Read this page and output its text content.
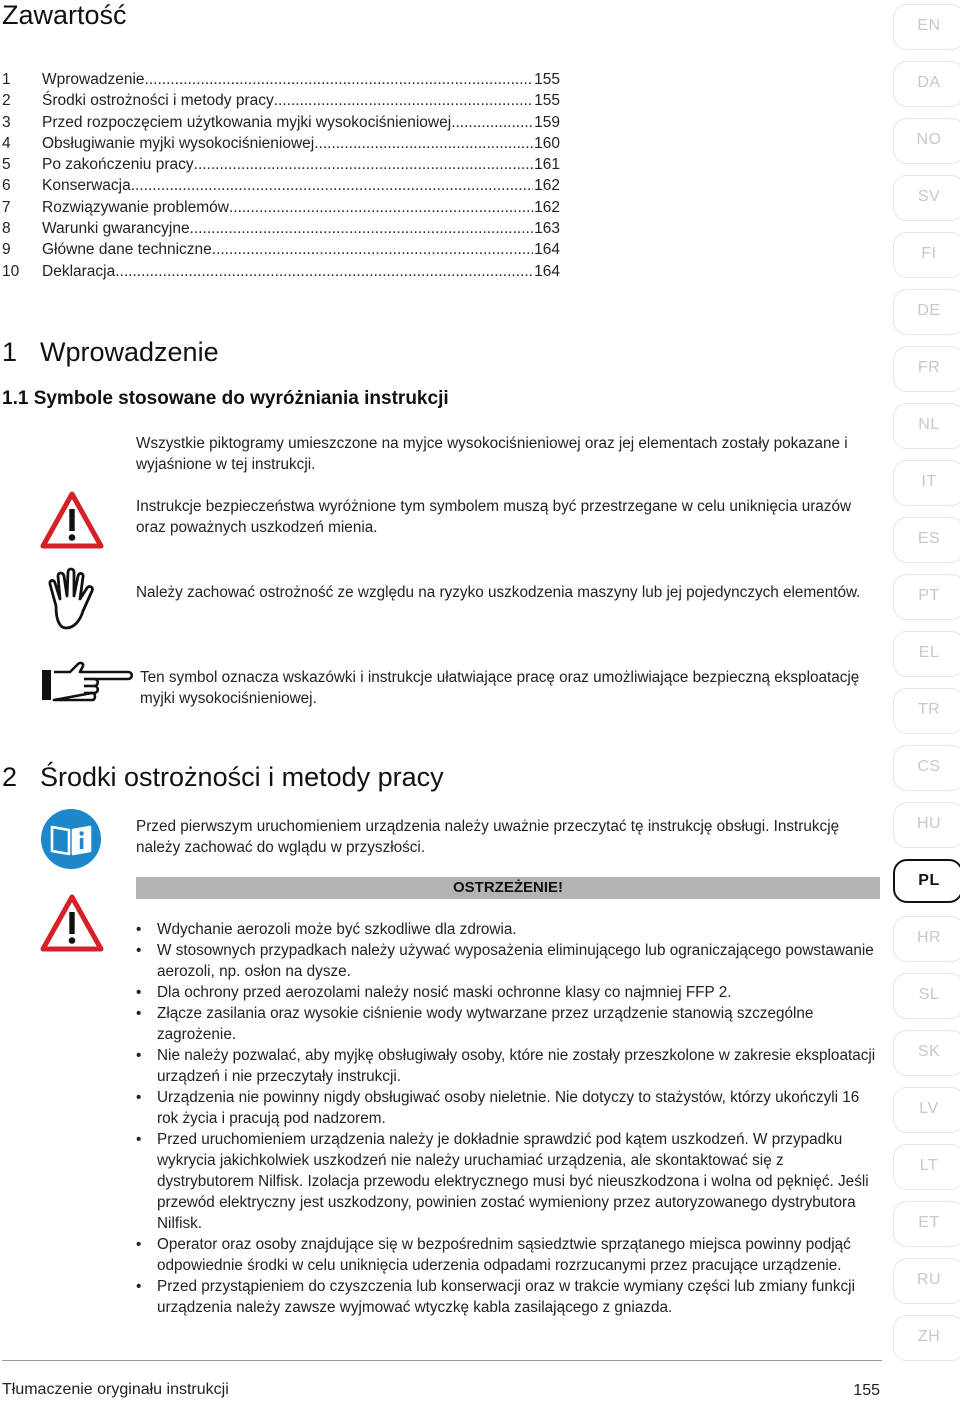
Zawartość
1	Wprowadzenie .....	155
2	Środki ostrożności i metody pracy .....	155
3	Przed rozpoczęciem użytkowania myjki wysokociśnieniowej .....	159
4	Obsługiwanie myjki wysokociśnieniowej .....	160
5	Po zakończeniu pracy .....	161
6	Konserwacja .....	162
7	Rozwiązywanie problemów .....	162
8	Warunki gwarancyjne .....	163
9	Główne dane techniczne .....	164
10	Deklaracja .....	164
1 Wprowadzenie
1.1 Symbole stosowane do wyróżniania instrukcji
Wszystkie piktogramy umieszczone na myjce wysokociśnieniowej oraz jej elementach zostały pokazane i wyjaśnione w tej instrukcji.
Instrukcje bezpieczeństwa wyróżnione tym symbolem muszą być przestrzegane w celu uniknięcia urazów oraz poważnych uszkodzeń mienia.
Należy zachować ostrożność ze względu na ryzyko uszkodzenia maszyny lub jej pojedynczych elementów.
Ten symbol oznacza wskazówki i instrukcje ułatwiające pracę oraz umożliwiające bezpieczną eksploatację myjki wysokociśnieniowej.
2 Środki ostrożności i metody pracy
Przed pierwszym uruchomieniem urządzenia należy uważnie przeczytać tę instrukcję obsługi. Instrukcję należy zachować do wglądu w przyszłości.
OSTRZEŻENIE!
• Wdychanie aerozoli może być szkodliwe dla zdrowia.
• W stosownych przypadkach należy używać wyposażenia eliminującego lub ograniczającego powstawanie aerozoli, np. osłon na dysze.
• Dla ochrony przed aerozolami należy nosić maski ochronne klasy co najmniej FFP 2.
• Złącze zasilania oraz wysokie ciśnienie wody wytwarzane przez urządzenie stanowią szczególne zagrożenie.
• Nie należy pozwalać, aby myjkę obsługiwały osoby, które nie zostały przeszkolone w zakresie eksploatacji urządzeń i nie przeczytały instrukcji.
• Urządzenia nie powinny nigdy obsługiwać osoby nieletnie. Nie dotyczy to stażystów, którzy ukończyli 16 rok życia i pracują pod nadzorem.
• Przed uruchomieniem urządzenia należy je dokładnie sprawdzić pod kątem uszkodzeń. W przypadku wykrycia jakichkolwiek uszkodzeń nie należy uruchamiać urządzenia, ale skontaktować się z dystrybutorem Nilfisk. Izolacja przewodu elektrycznego musi być nieuszkodzona i wolna od pęknięć. Jeśli przewód elektryczny jest uszkodzony, powinien zostać wymieniony przez autoryzowanego dystrybutora Nilfisk.
• Operator oraz osoby znajdujące się w bezpośrednim sąsiedztwie sprzątanego miejsca powinny podjąć odpowiednie środki w celu uniknięcia uderzenia odpadami rozrzucanymi przez pracujące urządzenie.
• Przed przystąpieniem do czyszczenia lub konserwacji oraz w trakcie wymiany części lub zmiany funkcji urządzenia należy zawsze wyjmować wtyczkę kabla zasilającego z gniazda.
EN
DA
NO
SV
FI
DE
FR
NL
IT
ES
PT
EL
TR
CS
HU
PL
HR
SL
SK
LV
LT
ET
RU
ZH
Tłumaczenie oryginału instrukcji	155
